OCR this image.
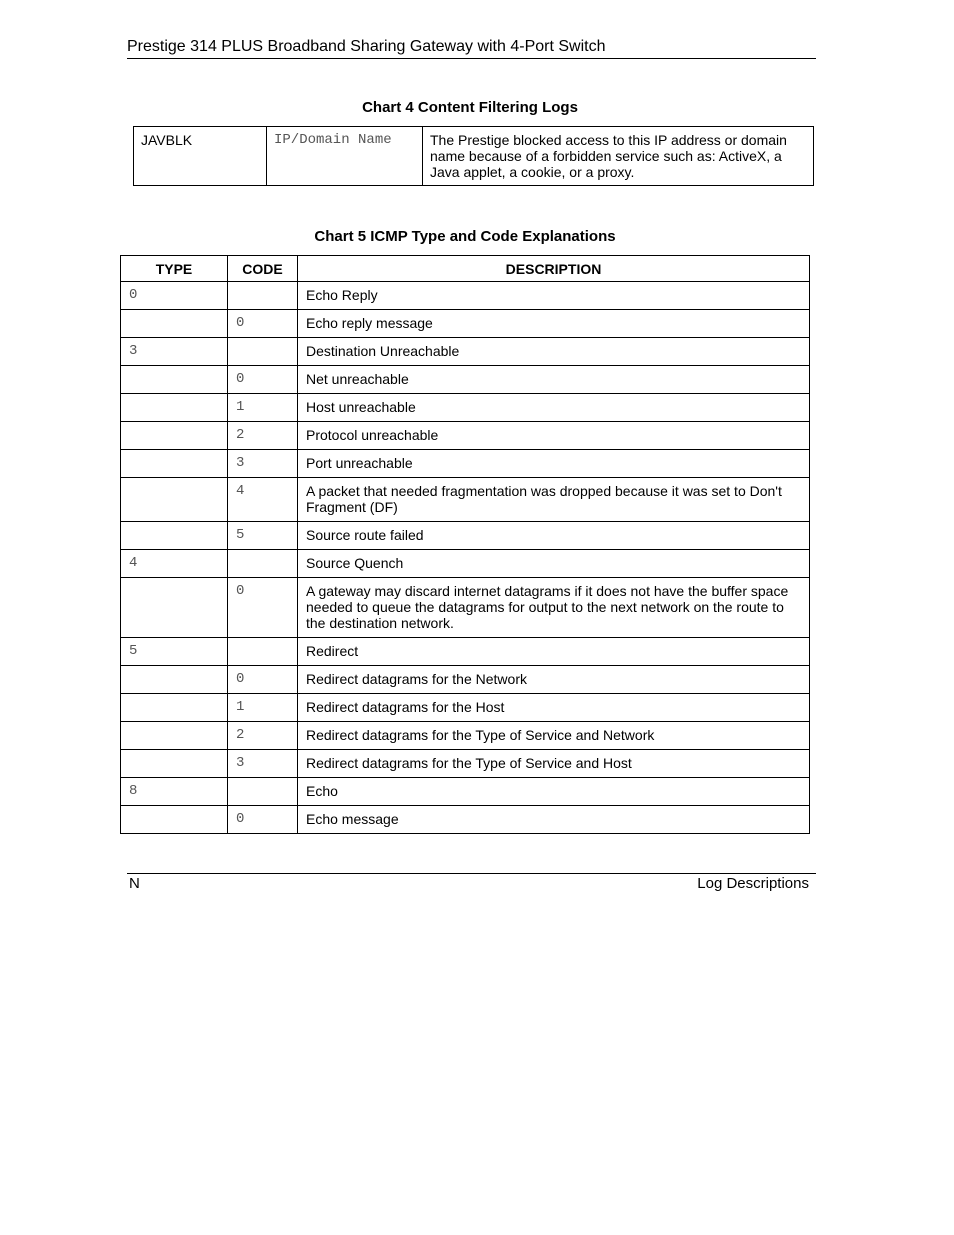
Prestige 314 PLUS Broadband Sharing Gateway with 4-Port Switch
Chart 4 Content Filtering Logs
JAVBLK	IP/Domain Name	The Prestige blocked access to this IP address or domain name because of a forbidden service such as: ActiveX, a Java applet, a cookie, or a proxy.
Chart 5 ICMP Type and Code Explanations
TYPE	CODE	DESCRIPTION
0		Echo Reply
	0	Echo reply message
3		Destination Unreachable
	0	Net unreachable
	1	Host unreachable
	2	Protocol unreachable
	3	Port unreachable
	4	A packet that needed fragmentation was dropped because it was set to Don't Fragment (DF)
	5	Source route failed
4		Source Quench
	0	A gateway may discard internet datagrams if it does not have the buffer space needed to queue the datagrams for output to the next network on the route to the destination network.
5		Redirect
	0	Redirect datagrams for the Network
	1	Redirect datagrams for the Host
	2	Redirect datagrams for the Type of Service and Network
	3	Redirect datagrams for the Type of Service and Host
8		Echo
	0	Echo message
N	Log Descriptions
